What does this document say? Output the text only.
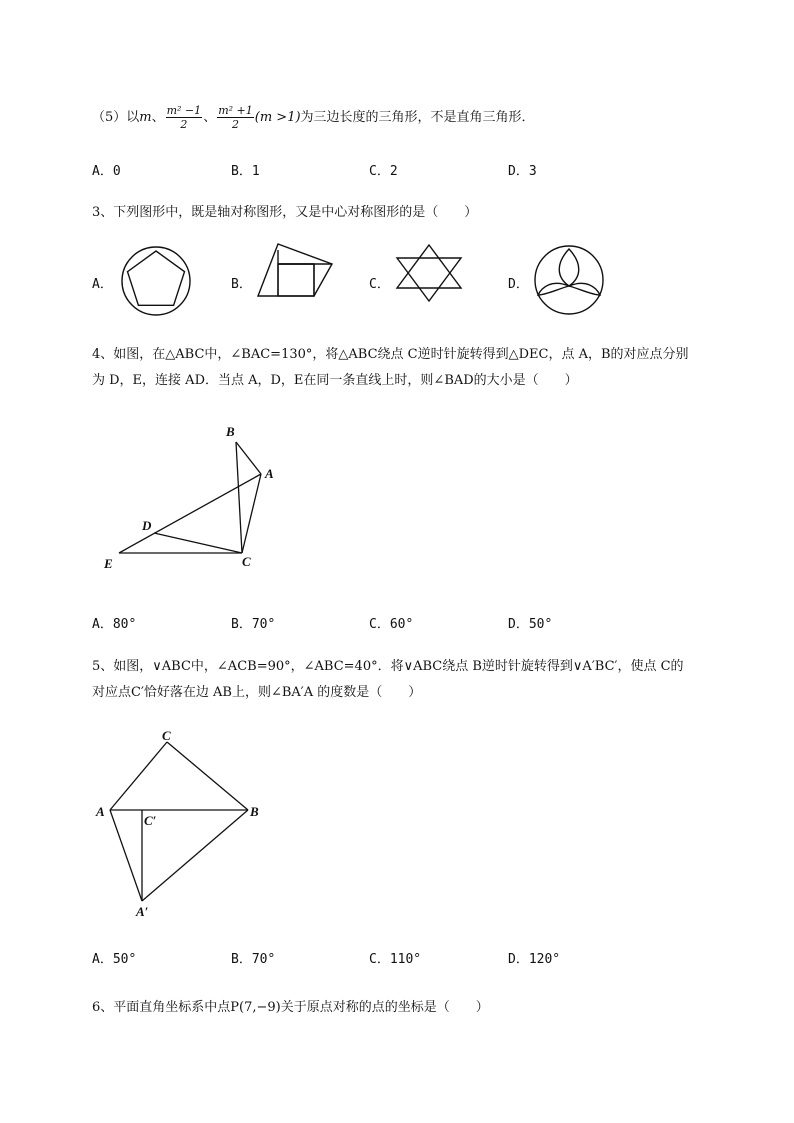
（5）以m、 $\frac{\text{m² −1}}{2}$ 、 $\frac{\text{m² +1}}{2} (m >1)$为三边长度的三角形，不是直角三角形．
A．0	B．1	C．2	D．3
3、下列图形中，既是轴对称图形，又是中心对称图形的是（　　）
A．	B．	C．	D．
4、如图，在△ABC中，∠BAC=130°，将△ABC绕点 C逆时针旋转得到△DEC，点 A，B的对应点分别
为 D，E，连接 AD．当点 A，D，E在同一条直线上时，则∠BAD的大小是（　　）
B
A
D
E	C
A．80°	B．70°	C．60°	D．50°
5、如图，∨ABC中，∠ACB=90°，∠ABC=40°．将∨ABC绕点 B逆时针旋转得到∨A′BC′，使点 C的
对应点C′恰好落在边 AB上，则∠BA′A 的度数是（　　）
C
A	B
C′
A′
A．50°	B．70°	C．110°	D．120°
6、平面直角坐标系中点P(7,−9)关于原点对称的点的坐标是（　　）
